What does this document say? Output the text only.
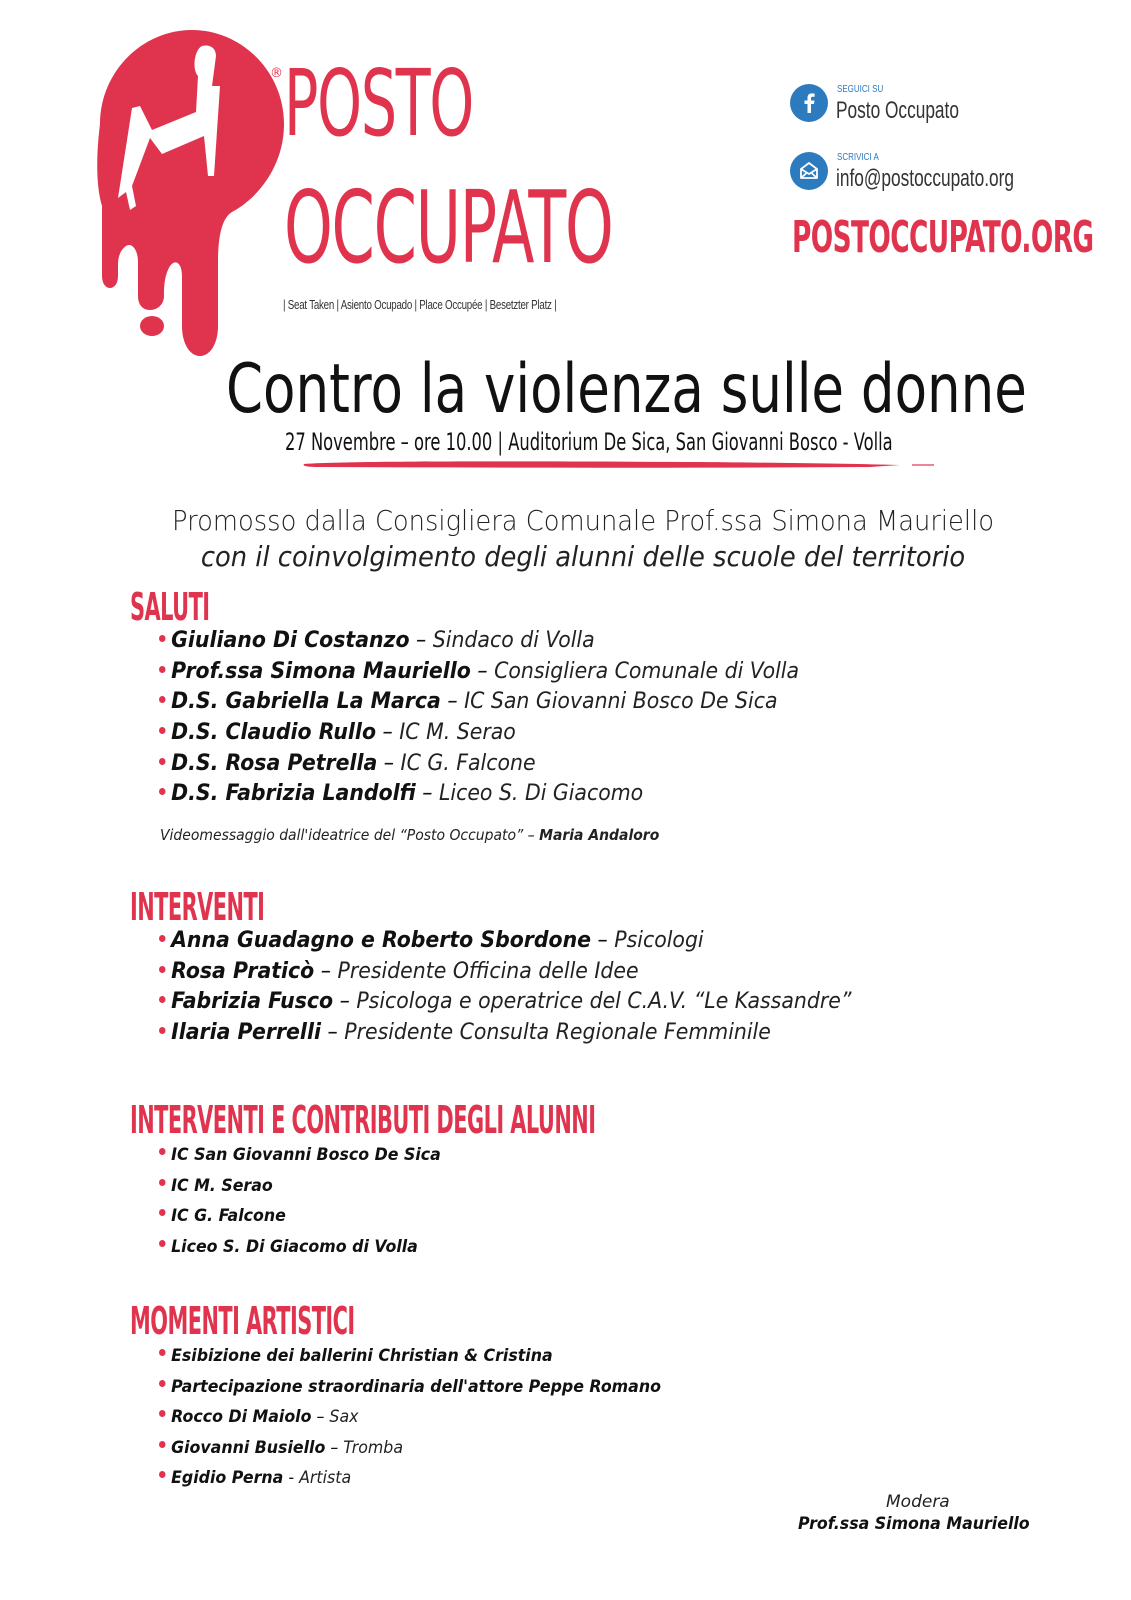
® POSTO
OCCUPATO
| Seat Taken | Asiento Ocupado | Place Occupée | Besetzter Platz |
SEGUICI SU
Posto Occupato
SCRIVICI A
info@postoccupato.org
POSTOCCUPATO.ORG
Contro la violenza sulle donne
27 Novembre – ore 10.00 | Auditorium De Sica, San Giovanni Bosco - Volla
Promosso dalla Consigliera Comunale Prof.ssa Simona Mauriello
con il coinvolgimento degli alunni delle scuole del territorio
SALUTI
Giuliano Di Costanzo – Sindaco di Volla
Prof.ssa Simona Mauriello – Consigliera Comunale di Volla
D.S. Gabriella La Marca – IC San Giovanni Bosco De Sica
D.S. Claudio Rullo – IC M. Serao
D.S. Rosa Petrella – IC G. Falcone
D.S. Fabrizia Landolfi – Liceo S. Di Giacomo
Videomessaggio dall'ideatrice del “Posto Occupato” – Maria Andaloro
INTERVENTI
Anna Guadagno e Roberto Sbordone – Psicologi
Rosa Praticò – Presidente Officina delle Idee
Fabrizia Fusco – Psicologa e operatrice del C.A.V. “Le Kassandre”
Ilaria Perrelli – Presidente Consulta Regionale Femminile
INTERVENTI E CONTRIBUTI DEGLI ALUNNI
IC San Giovanni Bosco De Sica
IC M. Serao
IC G. Falcone
Liceo S. Di Giacomo di Volla
MOMENTI ARTISTICI
Esibizione dei ballerini Christian & Cristina
Partecipazione straordinaria dell'attore Peppe Romano
Rocco Di Maiolo – Sax
Giovanni Busiello – Tromba
Egidio Perna - Artista
Modera
Prof.ssa Simona Mauriello
